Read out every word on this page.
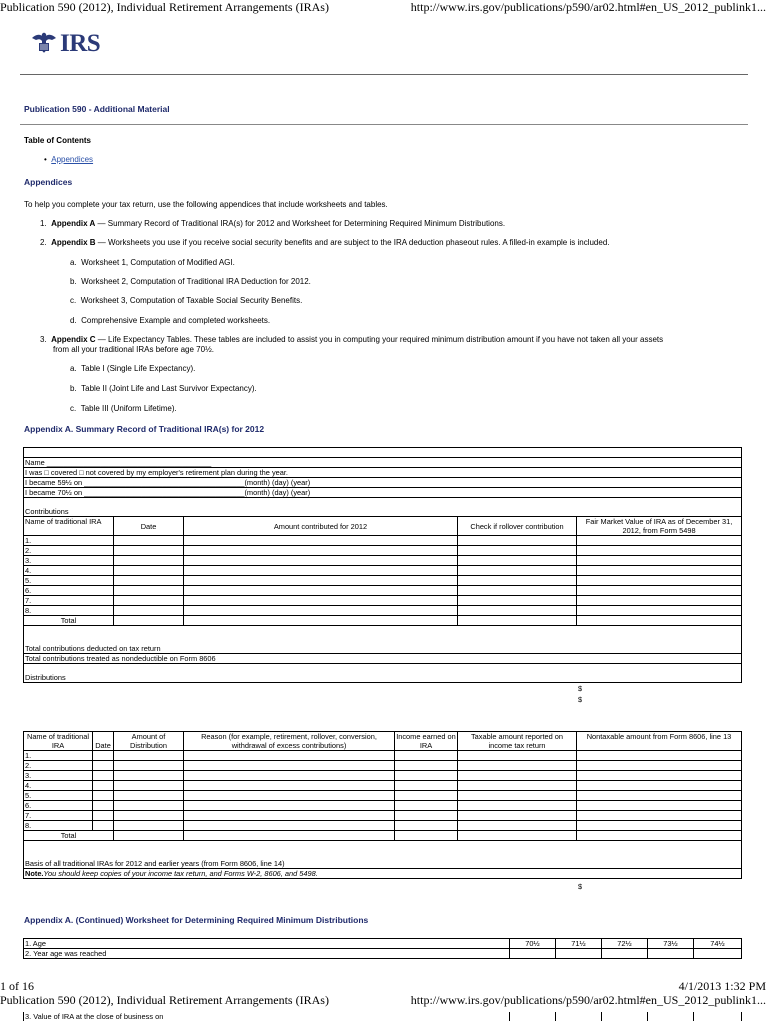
Publication 590 (2012), Individual Retirement Arrangements (IRAs)	http://www.irs.gov/publications/p590/ar02.html#en_US_2012_publink1...
IRS
Publication 590 - Additional Material
Table of Contents
•  Appendices
Appendices
To help you complete your tax return, use the following appendices that include worksheets and tables.
1. Appendix A — Summary Record of Traditional IRA(s) for 2012 and Worksheet for Determining Required Minimum Distributions.
2. Appendix B — Worksheets you use if you receive social security benefits and are subject to the IRA deduction phaseout rules. A filled-in example is included.
a. Worksheet 1, Computation of Modified AGI.
b. Worksheet 2, Computation of Traditional IRA Deduction for 2012.
c. Worksheet 3, Computation of Taxable Social Security Benefits.
d. Comprehensive Example and completed worksheets.
3. Appendix C — Life Expectancy Tables. These tables are included to assist you in computing your required minimum distribution amount if you have not taken all your assets
from all your traditional IRAs before age 70½.
a. Table I (Single Life Expectancy).
b. Table II (Joint Life and Last Survivor Expectancy).
c. Table III (Uniform Lifetime).
Appendix A. Summary Record of Traditional IRA(s) for 2012

Name ________________________________________				
I was □ covered □ not covered by my employer's retirement plan during the year.				
I became 59½ on _______________________________________(month) (day) (year)				
I became 70½ on _______________________________________(month) (day) (year)				
Contributions				
Name of traditional IRA	Date	Amount contributed for 2012	Check if rollover contribution	Fair Market Value of IRA as of December 31, 2012, from Form 5498
1.				
2.				
3.				
4.				
5.				
6.				
7.				
8.				
Total				

Total contributions deducted on tax return				
Total contributions treated as nondeductible on Form 8606				
Distributions				
$
$
Name of traditional IRA	Date	Amount of Distribution	Reason (for example, retirement, rollover, conversion, withdrawal of excess contributions)	Income earned on IRA	Taxable amount reported on income tax return	Nontaxable amount from Form 8606, line 13
1.						
2.						
3.						
4.						
5.						
6.						
7.						
8.						
Total						

Basis of all traditional IRAs for 2012 and earlier years (from Form 8606, line 14)						
Note.You should keep copies of your income tax return, and Forms W-2, 8606, and 5498.						
$
Appendix A. (Continued) Worksheet for Determining Required Minimum Distributions
1. Age	70½	71½	72½	73½	74½
2. Year age was reached					
1 of 16	4/1/2013 1:32 PM
Publication 590 (2012), Individual Retirement Arrangements (IRAs)	http://www.irs.gov/publications/p590/ar02.html#en_US_2012_publink1...
3. Value of IRA at the close of business on					
